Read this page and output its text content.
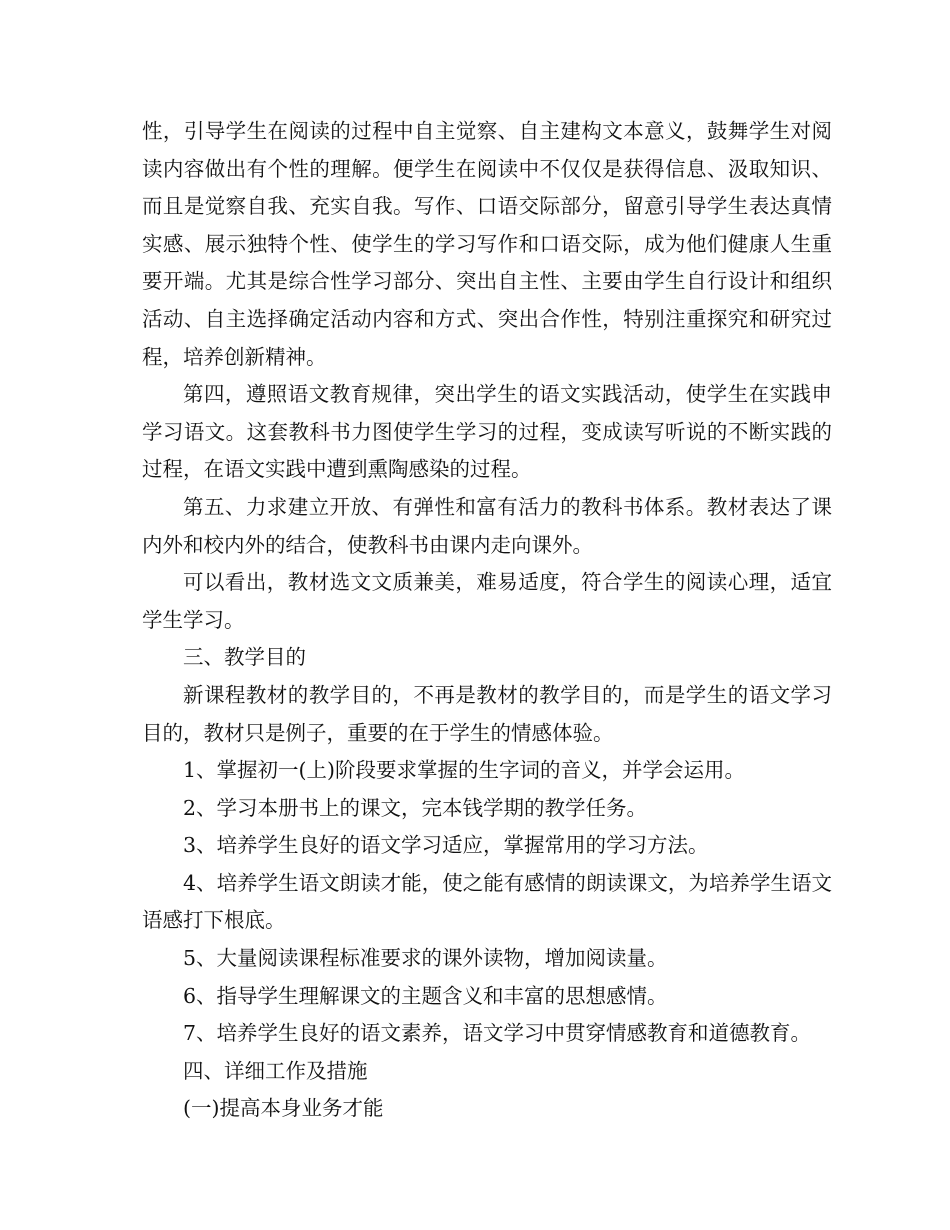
性，引导学生在阅读的过程中自主觉察、自主建构文本意义，鼓舞学生对阅读内容做出有个性的理解。便学生在阅读中不仅仅是获得信息、汲取知识、而且是觉察自我、充实自我。写作、口语交际部分，留意引导学生表达真情实感、展示独特个性、使学生的学习写作和口语交际，成为他们健康人生重要开端。尤其是综合性学习部分、突出自主性、主要由学生自行设计和组织活动、自主选择确定活动内容和方式、突出合作性，特别注重探究和研究过程，培养创新精神。

第四，遵照语文教育规律，突出学生的语文实践活动，使学生在实践申学习语文。这套教科书力图使学生学习的过程，变成读写听说的不断实践的过程，在语文实践中遭到熏陶感染的过程。

第五、力求建立开放、有弹性和富有活力的教科书体系。教材表达了课内外和校内外的结合，使教科书由课内走向课外。

可以看出，教材选文文质兼美，难易适度，符合学生的阅读心理，适宜学生学习。

三、教学目的

新课程教材的教学目的，不再是教材的教学目的，而是学生的语文学习目的，教材只是例子，重要的在于学生的情感体验。

1、掌握初一(上)阶段要求掌握的生字词的音义，并学会运用。

2、学习本册书上的课文，完本钱学期的教学任务。

3、培养学生良好的语文学习适应，掌握常用的学习方法。

4、培养学生语文朗读才能，使之能有感情的朗读课文，为培养学生语文语感打下根底。

5、大量阅读课程标准要求的课外读物，增加阅读量。

6、指导学生理解课文的主题含义和丰富的思想感情。

7、培养学生良好的语文素养，语文学习中贯穿情感教育和道德教育。

四、详细工作及措施

(一)提高本身业务才能
